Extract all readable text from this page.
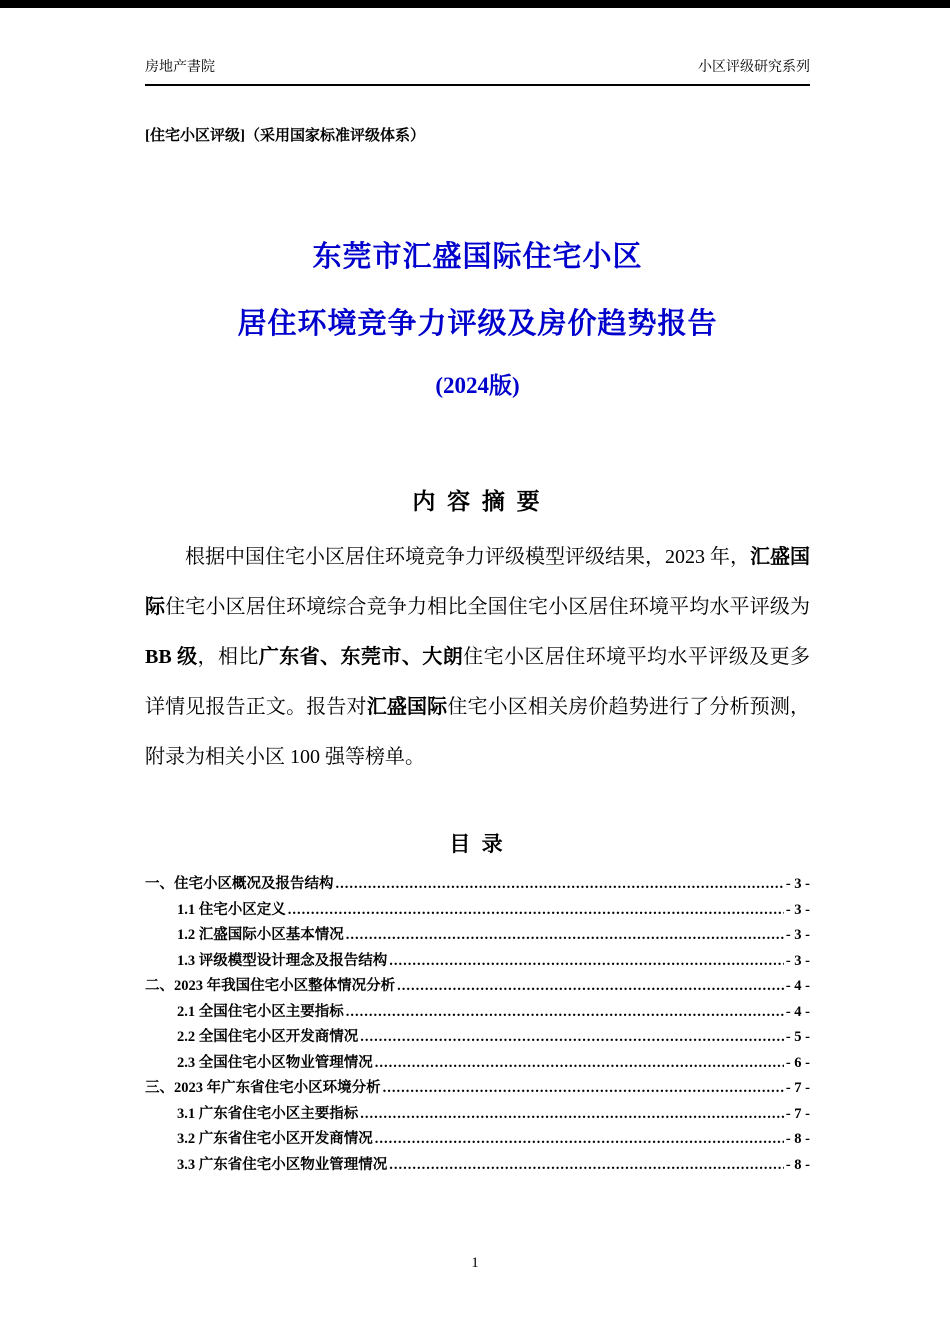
房地产書院	小区评级研究系列
[住宅小区评级]（采用国家标准评级体系）
东莞市汇盛国际住宅小区
居住环境竞争力评级及房价趋势报告
(2024版)
内 容 摘 要

根据中国住宅小区居住环境竞争力评级模型评级结果，2023 年，汇盛国际住宅小区居住环境综合竞争力相比全国住宅小区居住环境平均水平评级为 BB 级，相比广东省、东莞市、大朗住宅小区居住环境平均水平评级及更多详情见报告正文。报告对汇盛国际住宅小区相关房价趋势进行了分析预测，附录为相关小区 100 强等榜单。

目 录
一、住宅小区概况及报告结构 .....	- 3 -
1.1 住宅小区定义 .....	- 3 -
1.2 汇盛国际小区基本情况 .....	- 3 -
1.3 评级模型设计理念及报告结构 .....	- 3 -
二、2023 年我国住宅小区整体情况分析 .....	- 4 -
2.1 全国住宅小区主要指标 .....	- 4 -
2.2 全国住宅小区开发商情况 .....	- 5 -
2.3 全国住宅小区物业管理情况 .....	- 6 -
三、2023 年广东省住宅小区环境分析 .....	- 7 -
3.1 广东省住宅小区主要指标 .....	- 7 -
3.2 广东省住宅小区开发商情况 .....	- 8 -
3.3 广东省住宅小区物业管理情况 .....	- 8 -
1
